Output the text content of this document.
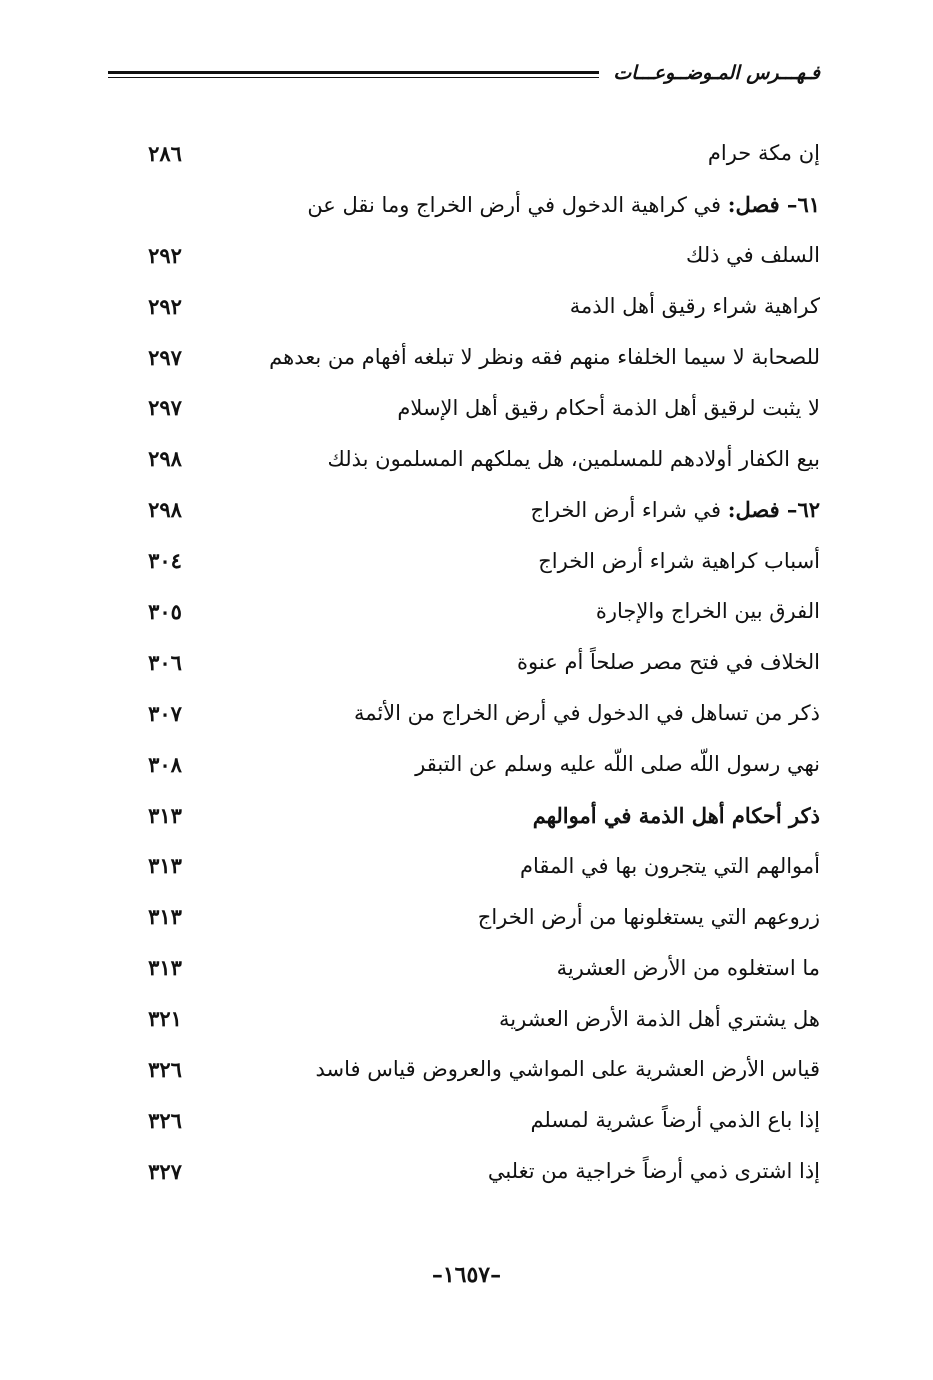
فـهـــرس المـوضــوعـــات
إن مكة حرام
٢٨٦
٦١– فصل: في كراهية الدخول في أرض الخراج وما نقل عن
السلف في ذلك
٢٩٢
كراهية شراء رقيق أهل الذمة
٢٩٢
للصحابة لا سيما الخلفاء منهم فقه ونظر لا تبلغه أفهام من بعدهم
٢٩٧
لا يثبت لرقيق أهل الذمة أحكام رقيق أهل الإسلام
٢٩٧
بيع الكفار أولادهم للمسلمين، هل يملكهم المسلمون بذلك
٢٩٨
٦٢– فصل: في شراء أرض الخراج
٢٩٨
أسباب كراهية شراء أرض الخراج
٣٠٤
الفرق بين الخراج والإجارة
٣٠٥
الخلاف في فتح مصر صلحاً أم عنوة
٣٠٦
ذكر من تساهل في الدخول في أرض الخراج من الأئمة
٣٠٧
نهي رسول اللّه صلى اللّه عليه وسلم عن التبقر
٣٠٨
ذكر أحكام أهل الذمة في أموالهم
٣١٣
أموالهم التي يتجرون بها في المقام
٣١٣
زروعهم التي يستغلونها من أرض الخراج
٣١٣
ما استغلوه من الأرض العشرية
٣١٣
هل يشتري أهل الذمة الأرض العشرية
٣٢١
قياس الأرض العشرية على المواشي والعروض قياس فاسد
٣٢٦
إذا باع الذمي أرضاً عشرية لمسلم
٣٢٦
إذا اشترى ذمي أرضاً خراجية من تغلبي
٣٢٧
–١٦٥٧–
